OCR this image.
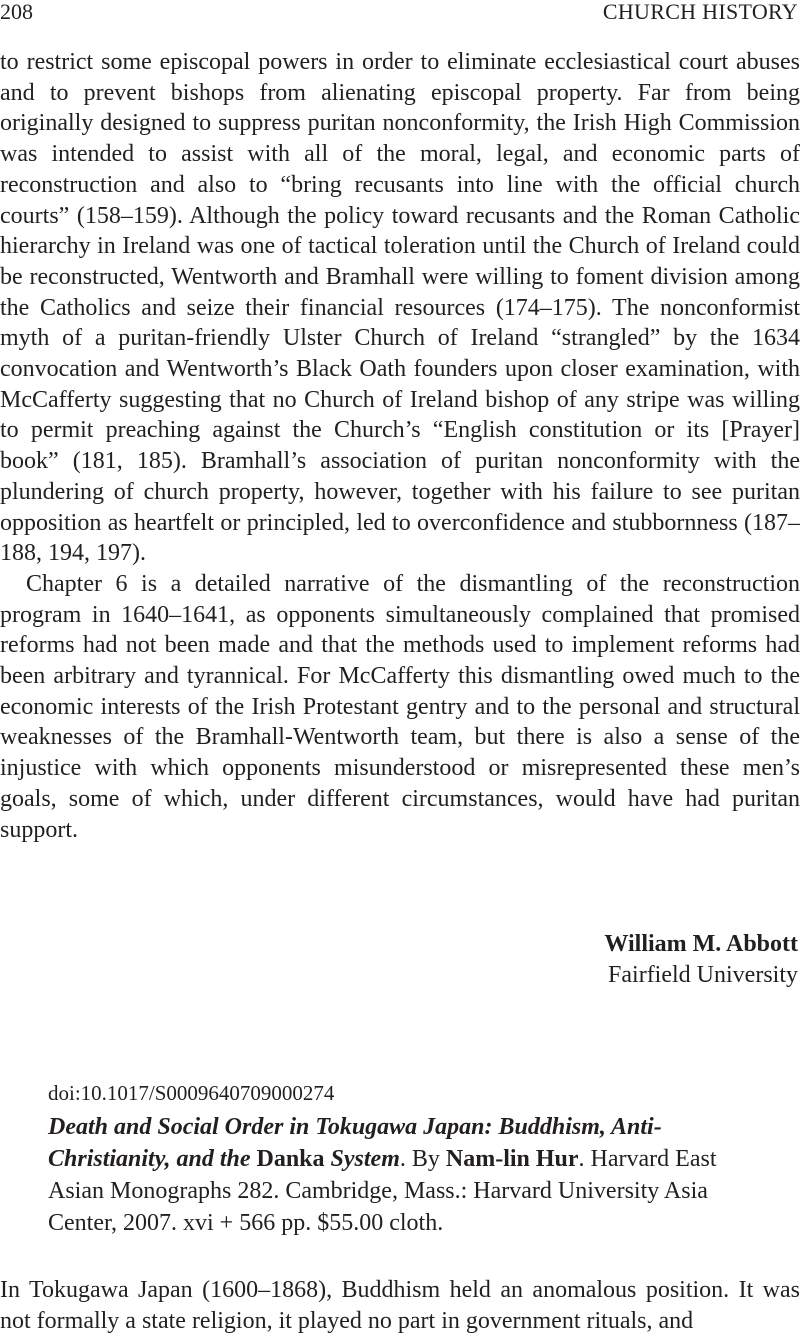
208	CHURCH HISTORY

to restrict some episcopal powers in order to eliminate ecclesiastical court abuses and to prevent bishops from alienating episcopal property. Far from being originally designed to suppress puritan nonconformity, the Irish High Commission was intended to assist with all of the moral, legal, and economic parts of reconstruction and also to “bring recusants into line with the official church courts” (158–159). Although the policy toward recusants and the Roman Catholic hierarchy in Ireland was one of tactical toleration until the Church of Ireland could be reconstructed, Wentworth and Bramhall were willing to foment division among the Catholics and seize their financial resources (174–175). The nonconformist myth of a puritan-friendly Ulster Church of Ireland “strangled” by the 1634 convocation and Wentworth’s Black Oath founders upon closer examination, with McCafferty suggesting that no Church of Ireland bishop of any stripe was willing to permit preaching against the Church’s “English constitution or its [Prayer] book” (181, 185). Bramhall’s association of puritan nonconformity with the plundering of church property, however, together with his failure to see puritan opposition as heartfelt or principled, led to overconfidence and stubbornness (187–188, 194, 197).

Chapter 6 is a detailed narrative of the dismantling of the reconstruction program in 1640–1641, as opponents simultaneously complained that promised reforms had not been made and that the methods used to implement reforms had been arbitrary and tyrannical. For McCafferty this dismantling owed much to the economic interests of the Irish Protestant gentry and to the personal and structural weaknesses of the Bramhall-Wentworth team, but there is also a sense of the injustice with which opponents misunderstood or misrepresented these men’s goals, some of which, under different circumstances, would have had puritan support.

William M. Abbott
Fairfield University
doi:10.1017/S0009640709000274
Death and Social Order in Tokugawa Japan: Buddhism, Anti-Christianity, and the Danka System. By Nam-lin Hur. Harvard East Asian Monographs 282. Cambridge, Mass.: Harvard University Asia Center, 2007. xvi + 566 pp. $55.00 cloth.

In Tokugawa Japan (1600–1868), Buddhism held an anomalous position. It was not formally a state religion, it played no part in government rituals, and
